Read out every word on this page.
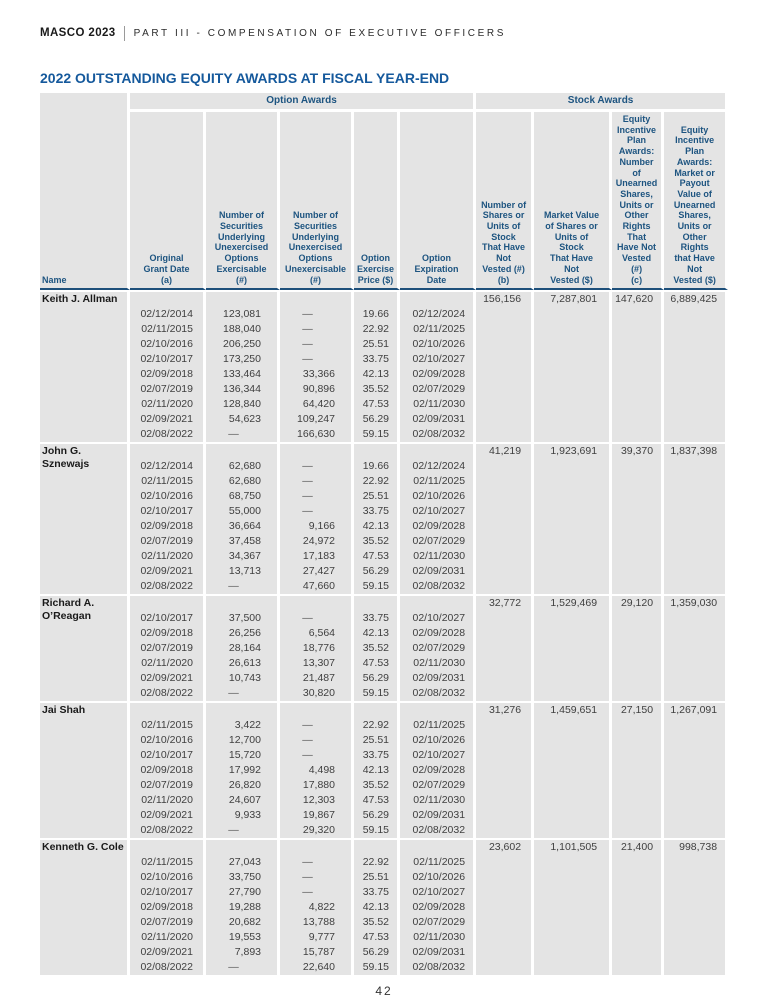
MASCO 2023 PART III - COMPENSATION OF EXECUTIVE OFFICERS
2022 OUTSTANDING EQUITY AWARDS AT FISCAL YEAR-END
Name	Option Awards					Stock Awards			
Original
Grant Date
(a)	Number of
Securities
Underlying
Unexercised
Options
Exercisable
(#)	Number of
Securities
Underlying
Unexercised
Options
Unexercisable
(#)	Option
Exercise
Price ($)	Option
Expiration
Date	Number of
Shares or
Units of
Stock
That Have
Not
Vested (#)
(b)	Market Value
of Shares or
Units of
Stock
That Have
Not
Vested ($)	Equity
Incentive
Plan
Awards:
Number
of
Unearned
Shares,
Units or
Other
Rights
That
Have Not
Vested
(#)
(c)	Equity
Incentive
Plan
Awards:
Market or
Payout
Value of
Unearned
Shares,
Units or
Other
Rights
that Have
Not
Vested ($)
Keith J. Allman						156,156	7,287,801	147,620	6,889,425
	02/12/2014	123,081	—	19.66	02/12/2024				
	02/11/2015	188,040	—	22.92	02/11/2025				
	02/10/2016	206,250	—	25.51	02/10/2026				
	02/10/2017	173,250	—	33.75	02/10/2027				
	02/09/2018	133,464	33,366	42.13	02/09/2028				
	02/07/2019	136,344	90,896	35.52	02/07/2029				
	02/11/2020	128,840	64,420	47.53	02/11/2030				
	02/09/2021	54,623	109,247	56.29	02/09/2031				
	02/08/2022	—	166,630	59.15	02/08/2032				
John G. Sznewajs						41,219	1,923,691	39,370	1,837,398
	02/12/2014	62,680	—	19.66	02/12/2024				
	02/11/2015	62,680	—	22.92	02/11/2025				
	02/10/2016	68,750	—	25.51	02/10/2026				
	02/10/2017	55,000	—	33.75	02/10/2027				
	02/09/2018	36,664	9,166	42.13	02/09/2028				
	02/07/2019	37,458	24,972	35.52	02/07/2029				
	02/11/2020	34,367	17,183	47.53	02/11/2030				
	02/09/2021	13,713	27,427	56.29	02/09/2031				
	02/08/2022	—	47,660	59.15	02/08/2032				
Richard A. O’Reagan						32,772	1,529,469	29,120	1,359,030
	02/10/2017	37,500	—	33.75	02/10/2027				
	02/09/2018	26,256	6,564	42.13	02/09/2028				
	02/07/2019	28,164	18,776	35.52	02/07/2029				
	02/11/2020	26,613	13,307	47.53	02/11/2030				
	02/09/2021	10,743	21,487	56.29	02/09/2031				
	02/08/2022	—	30,820	59.15	02/08/2032				
Jai Shah						31,276	1,459,651	27,150	1,267,091
	02/11/2015	3,422	—	22.92	02/11/2025				
	02/10/2016	12,700	—	25.51	02/10/2026				
	02/10/2017	15,720	—	33.75	02/10/2027				
	02/09/2018	17,992	4,498	42.13	02/09/2028				
	02/07/2019	26,820	17,880	35.52	02/07/2029				
	02/11/2020	24,607	12,303	47.53	02/11/2030				
	02/09/2021	9,933	19,867	56.29	02/09/2031				
	02/08/2022	—	29,320	59.15	02/08/2032				
Kenneth G. Cole						23,602	1,101,505	21,400	998,738
	02/11/2015	27,043	—	22.92	02/11/2025				
	02/10/2016	33,750	—	25.51	02/10/2026				
	02/10/2017	27,790	—	33.75	02/10/2027				
	02/09/2018	19,288	4,822	42.13	02/09/2028				
	02/07/2019	20,682	13,788	35.52	02/07/2029				
	02/11/2020	19,553	9,777	47.53	02/11/2030				
	02/09/2021	7,893	15,787	56.29	02/09/2031				
	02/08/2022	—	22,640	59.15	02/08/2032				
42
